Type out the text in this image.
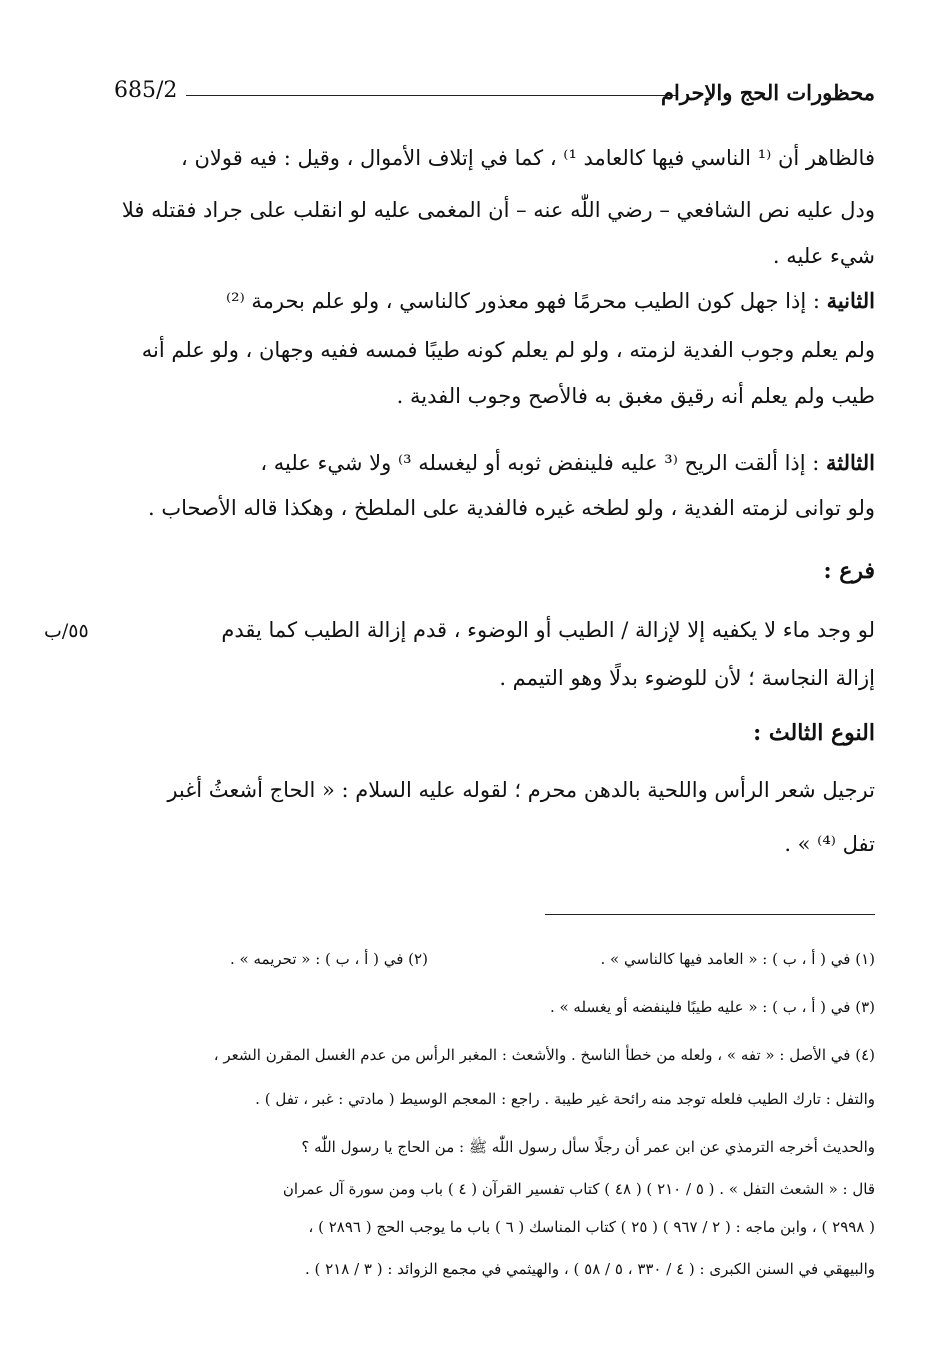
685/2	محظورات الحج والإحرام
فالظاهر أن ⁽¹ الناسي فيها كالعامد ¹⁾ ، كما في إتلاف الأموال ، وقيل : فيه قولان ،
ودل عليه نص الشافعي – رضي اللّٰه عنه – أن المغمى عليه لو انقلب على جراد فقتله فلا
شيء عليه .
الثانية : إذا جهل كون الطيب محرمًا فهو معذور كالناسي ، ولو علم بحرمة ⁽²⁾
ولم يعلم وجوب الفدية لزمته ، ولو لم يعلم كونه طيبًا فمسه ففيه وجهان ، ولو علم أنه
طيب ولم يعلم أنه رقيق مغبق به فالأصح وجوب الفدية .
الثالثة : إذا ألقت الريح ⁽³ عليه فلينفض ثوبه أو ليغسله ³⁾ ولا شيء عليه ،
ولو توانى لزمته الفدية ، ولو لطخه غيره فالفدية على الملطخ ، وهكذا قاله الأصحاب .
فرع :
لو وجد ماء لا يكفيه إلا لإزالة / الطيب أو الوضوء ، قدم إزالة الطيب كما يقدم
٥٥/ب
إزالة النجاسة ؛ لأن للوضوء بدلًا وهو التيمم .
النوع الثالث :
ترجيل شعر الرأس واللحية بالدهن محرم ؛ لقوله عليه السلام : « الحاج أشعثُ أغبر
تفل ⁽⁴⁾ » .
(١) في ( أ ، ب ) : « العامد فيها كالناسي » .
(٢) في ( أ ، ب ) : « تحريمه » .
(٣) في ( أ ، ب ) : « عليه طيبًا فلينفضه أو يغسله » .
(٤) في الأصل : « تفه » ، ولعله من خطأ الناسخ . والأشعث : المغبر الرأس من عدم الغسل المقرن الشعر ،
والتفل : تارك الطيب فلعله توجد منه رائحة غير طيبة . راجع : المعجم الوسيط ( مادتي : غبر ، تفل ) .
والحديث أخرجه الترمذي عن ابن عمر أن رجلًا سأل رسول اللّٰه ﷺ : من الحاج يا رسول اللّٰه ؟
قال : « الشعث التفل » . ( ٥ / ٢١٠ ) ( ٤٨ ) كتاب تفسير القرآن ( ٤ ) باب ومن سورة آل عمران
( ٢٩٩٨ ) ، وابن ماجه : ( ٢ / ٩٦٧ ) ( ٢٥ ) كتاب المناسك ( ٦ ) باب ما يوجب الحج ( ٢٨٩٦ ) ،
والبيهقي في السنن الكبرى : ( ٤ / ٣٣٠ ، ٥ / ٥٨ ) ، والهيثمي في مجمع الزوائد : ( ٣ / ٢١٨ ) .
